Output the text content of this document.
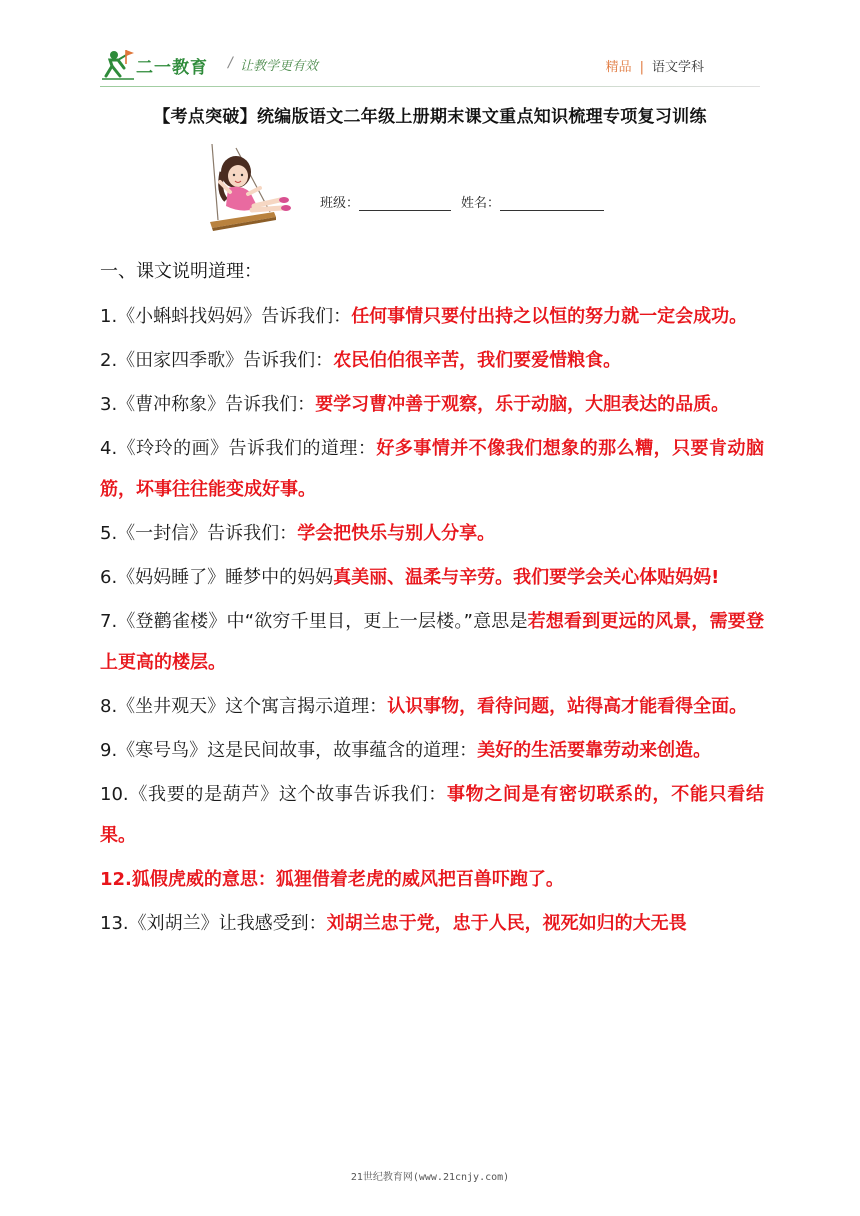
二一教育 / 让教学更有效	精品 | 语文学科
【考点突破】统编版语文二年级上册期末课文重点知识梳理专项复习训练
班级：	姓名：
一、课文说明道理：

1.《小蝌蚪找妈妈》告诉我们：任何事情只要付出持之以恒的努力就一定会成功。

2.《田家四季歌》告诉我们：农民伯伯很辛苦，我们要爱惜粮食。

3.《曹冲称象》告诉我们：要学习曹冲善于观察，乐于动脑，大胆表达的品质。

4.《玲玲的画》告诉我们的道理：好多事情并不像我们想象的那么糟，只要肯动脑筋，坏事往往能变成好事。

5.《一封信》告诉我们：学会把快乐与别人分享。

6.《妈妈睡了》睡梦中的妈妈真美丽、温柔与辛劳。我们要学会关心体贴妈妈!

7.《登鹳雀楼》中“欲穷千里目，更上一层楼。”意思是若想看到更远的风景，需要登上更高的楼层。

8.《坐井观天》这个寓言揭示道理：认识事物，看待问题，站得高才能看得全面。

9.《寒号鸟》这是民间故事，故事蕴含的道理：美好的生活要靠劳动来创造。

10.《我要的是葫芦》这个故事告诉我们：事物之间是有密切联系的，不能只看结果。

12.狐假虎威的意思：狐狸借着老虎的威风把百兽吓跑了。

13.《刘胡兰》让我感受到：刘胡兰忠于党，忠于人民，视死如归的大无畏

21世纪教育网(www.21cnjy.com)
